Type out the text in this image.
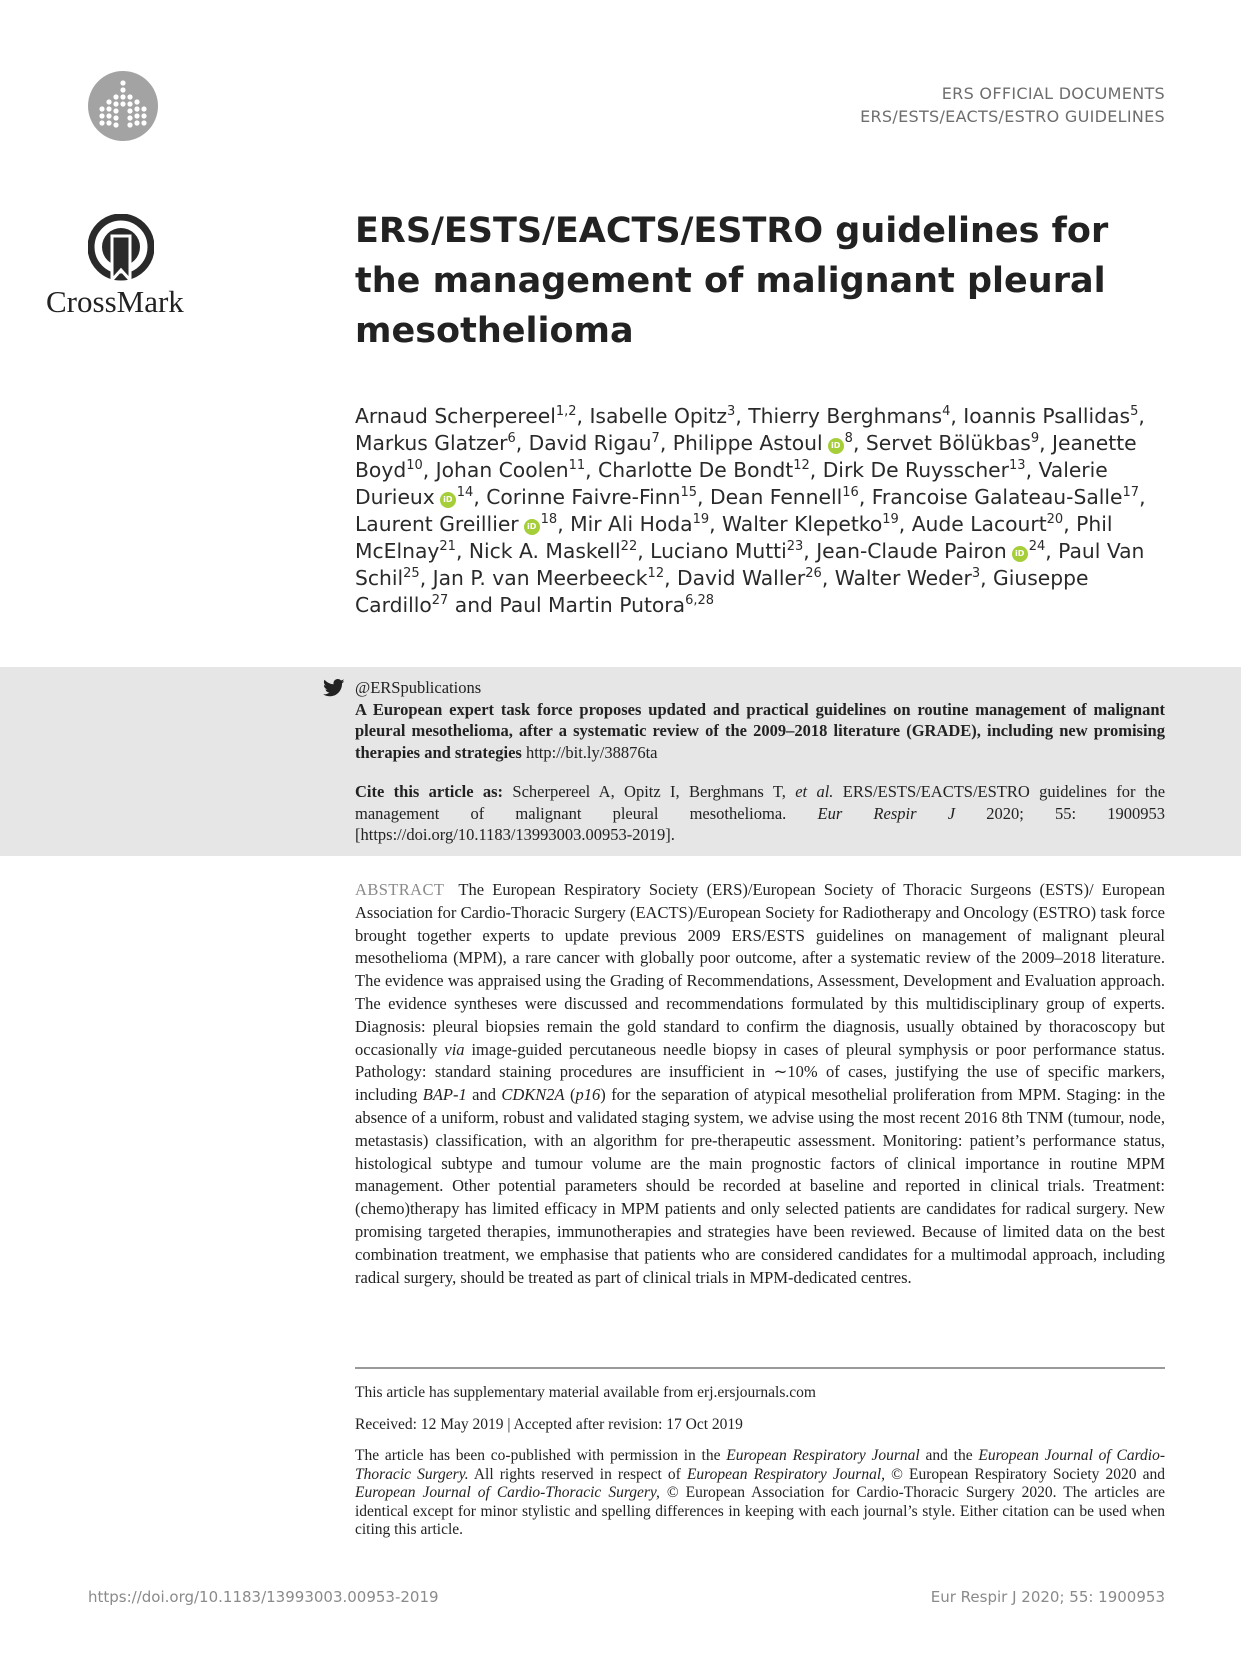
ERS OFFICIAL DOCUMENTS
ERS/ESTS/EACTS/ESTRO GUIDELINES
CrossMark
ERS/ESTS/EACTS/ESTRO guidelines for the management of malignant pleural mesothelioma
Arnaud Scherpereel$^{1,2}$, Isabelle Opitz$^3$, Thierry Berghmans$^4$, Ioannis Psallidas$^5$, Markus Glatzer$^6$, David Rigau$^7$, Philippe Astoul iD $^8$, Servet Bölükbas$^9$, Jeanette Boyd$^{10}$, Johan Coolen$^{11}$, Charlotte De Bondt$^{12}$, Dirk De Ruysscher$^{13}$, Valerie Durieux iD $^{14}$, Corinne Faivre-Finn$^{15}$, Dean Fennell$^{16}$, Francoise Galateau-Salle$^{17}$, Laurent Greillier iD $^{18}$, Mir Ali Hoda$^{19}$, Walter Klepetko$^{19}$, Aude Lacourt$^{20}$, Phil McElnay$^{21}$, Nick A. Maskell$^{22}$, Luciano Mutti$^{23}$, Jean-Claude Pairon iD $^{24}$, Paul Van Schil$^{25}$, Jan P. van Meerbeeck$^{12}$, David Waller$^{26}$, Walter Weder$^3$, Giuseppe Cardillo$^{27}$ and Paul Martin Putora$^{6,28}$
@ERSpublications
A European expert task force proposes updated and practical guidelines on routine management of malignant pleural mesothelioma, after a systematic review of the 2009–2018 literature (GRADE), including new promising therapies and strategies http://bit.ly/38876ta
Cite this article as: Scherpereel A, Opitz I, Berghmans T, et al. ERS/ESTS/EACTS/ESTRO guidelines for the management of malignant pleural mesothelioma. Eur Respir J 2020; 55: 1900953 [https://doi.org/10.1183/13993003.00953-2019].

ABSTRACT The European Respiratory Society (ERS)/European Society of Thoracic Surgeons (ESTS)/ European Association for Cardio-Thoracic Surgery (EACTS)/European Society for Radiotherapy and Oncology (ESTRO) task force brought together experts to update previous 2009 ERS/ESTS guidelines on management of malignant pleural mesothelioma (MPM), a rare cancer with globally poor outcome, after a systematic review of the 2009–2018 literature. The evidence was appraised using the Grading of Recommendations, Assessment, Development and Evaluation approach. The evidence syntheses were discussed and recommendations formulated by this multidisciplinary group of experts. Diagnosis: pleural biopsies remain the gold standard to confirm the diagnosis, usually obtained by thoracoscopy but occasionally via image-guided percutaneous needle biopsy in cases of pleural symphysis or poor performance status. Pathology: standard staining procedures are insufficient in ∼10% of cases, justifying the use of specific markers, including BAP-1 and CDKN2A (p16) for the separation of atypical mesothelial proliferation from MPM. Staging: in the absence of a uniform, robust and validated staging system, we advise using the most recent 2016 8th TNM (tumour, node, metastasis) classification, with an algorithm for pre-therapeutic assessment. Monitoring: patient’s performance status, histological subtype and tumour volume are the main prognostic factors of clinical importance in routine MPM management. Other potential parameters should be recorded at baseline and reported in clinical trials. Treatment: (chemo)therapy has limited efficacy in MPM patients and only selected patients are candidates for radical surgery. New promising targeted therapies, immunotherapies and strategies have been reviewed. Because of limited data on the best combination treatment, we emphasise that patients who are considered candidates for a multimodal approach, including radical surgery, should be treated as part of clinical trials in MPM-dedicated centres.

This article has supplementary material available from erj.ersjournals.com
Received: 12 May 2019 | Accepted after revision: 17 Oct 2019

The article has been co-published with permission in the European Respiratory Journal and the European Journal of Cardio-Thoracic Surgery. All rights reserved in respect of European Respiratory Journal, © European Respiratory Society 2020 and European Journal of Cardio-Thoracic Surgery, © European Association for Cardio-Thoracic Surgery 2020. The articles are identical except for minor stylistic and spelling differences in keeping with each journal’s style. Either citation can be used when citing this article.

https://doi.org/10.1183/13993003.00953-2019	Eur Respir J 2020; 55: 1900953
